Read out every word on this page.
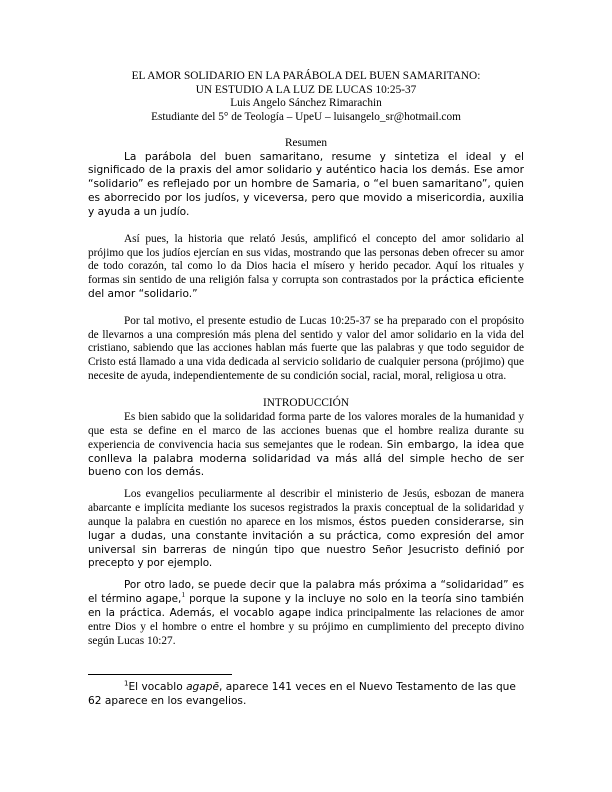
EL AMOR SOLIDARIO EN LA PARÁBOLA DEL BUEN SAMARITANO:
UN ESTUDIO A LA LUZ DE LUCAS 10:25-37
Luis Angelo Sánchez Rimarachin
Estudiante del 5° de Teología – UpeU – luisangelo_sr@hotmail.com
Resumen

La parábola del buen samaritano, resume y sintetiza el ideal y el significado de la praxis del amor solidario y auténtico hacia los demás. Ese amor “solidario” es reflejado por un hombre de Samaria, o “el buen samaritano”, quien es aborrecido por los judíos, y viceversa, pero que movido a misericordia, auxilia y ayuda a un judío.

Así pues, la historia que relató Jesús, amplificó el concepto del amor solidario al prójimo que los judíos ejercían en sus vidas, mostrando que las personas deben ofrecer su amor de todo corazón, tal como lo da Dios hacia el mísero y herido pecador. Aquí los rituales y formas sin sentido de una religión falsa y corrupta son contrastados por la práctica eficiente del amor “solidario.”

Por tal motivo, el presente estudio de Lucas 10:25-37 se ha preparado con el propósito de llevarnos a una compresión más plena del sentido y valor del amor solidario en la vida del cristiano, sabiendo que las acciones hablan más fuerte que las palabras y que todo seguidor de Cristo está llamado a una vida dedicada al servicio solidario de cualquier persona (prójimo) que necesite de ayuda, independientemente de su condición social, racial, moral, religiosa u otra.

INTRODUCCIÓN

Es bien sabido que la solidaridad forma parte de los valores morales de la humanidad y que esta se define en el marco de las acciones buenas que el hombre realiza durante su experiencia de convivencia hacia sus semejantes que le rodean. Sin embargo, la idea que conlleva la palabra moderna solidaridad va más allá del simple hecho de ser bueno con los demás.

Los evangelios peculiarmente al describir el ministerio de Jesús, esbozan de manera abarcante e implícita mediante los sucesos registrados la praxis conceptual de la solidaridad y aunque la palabra en cuestión no aparece en los mismos, éstos pueden considerarse, sin lugar a dudas, una constante invitación a su práctica, como expresión del amor universal sin barreras de ningún tipo que nuestro Señor Jesucristo definió por precepto y por ejemplo.

Por otro lado, se puede decir que la palabra más próxima a “solidaridad” es el término agape,$^1$ porque la supone y la incluye no solo en la teoría sino también en la práctica. Además, el vocablo agape indica principalmente las relaciones de amor entre Dios y el hombre o entre el hombre y su prójimo en cumplimiento del precepto divino según Lucas 10:27.

$^1$El vocablo agapē, aparece 141 veces en el Nuevo Testamento de las que 62 aparece en los evangelios.
